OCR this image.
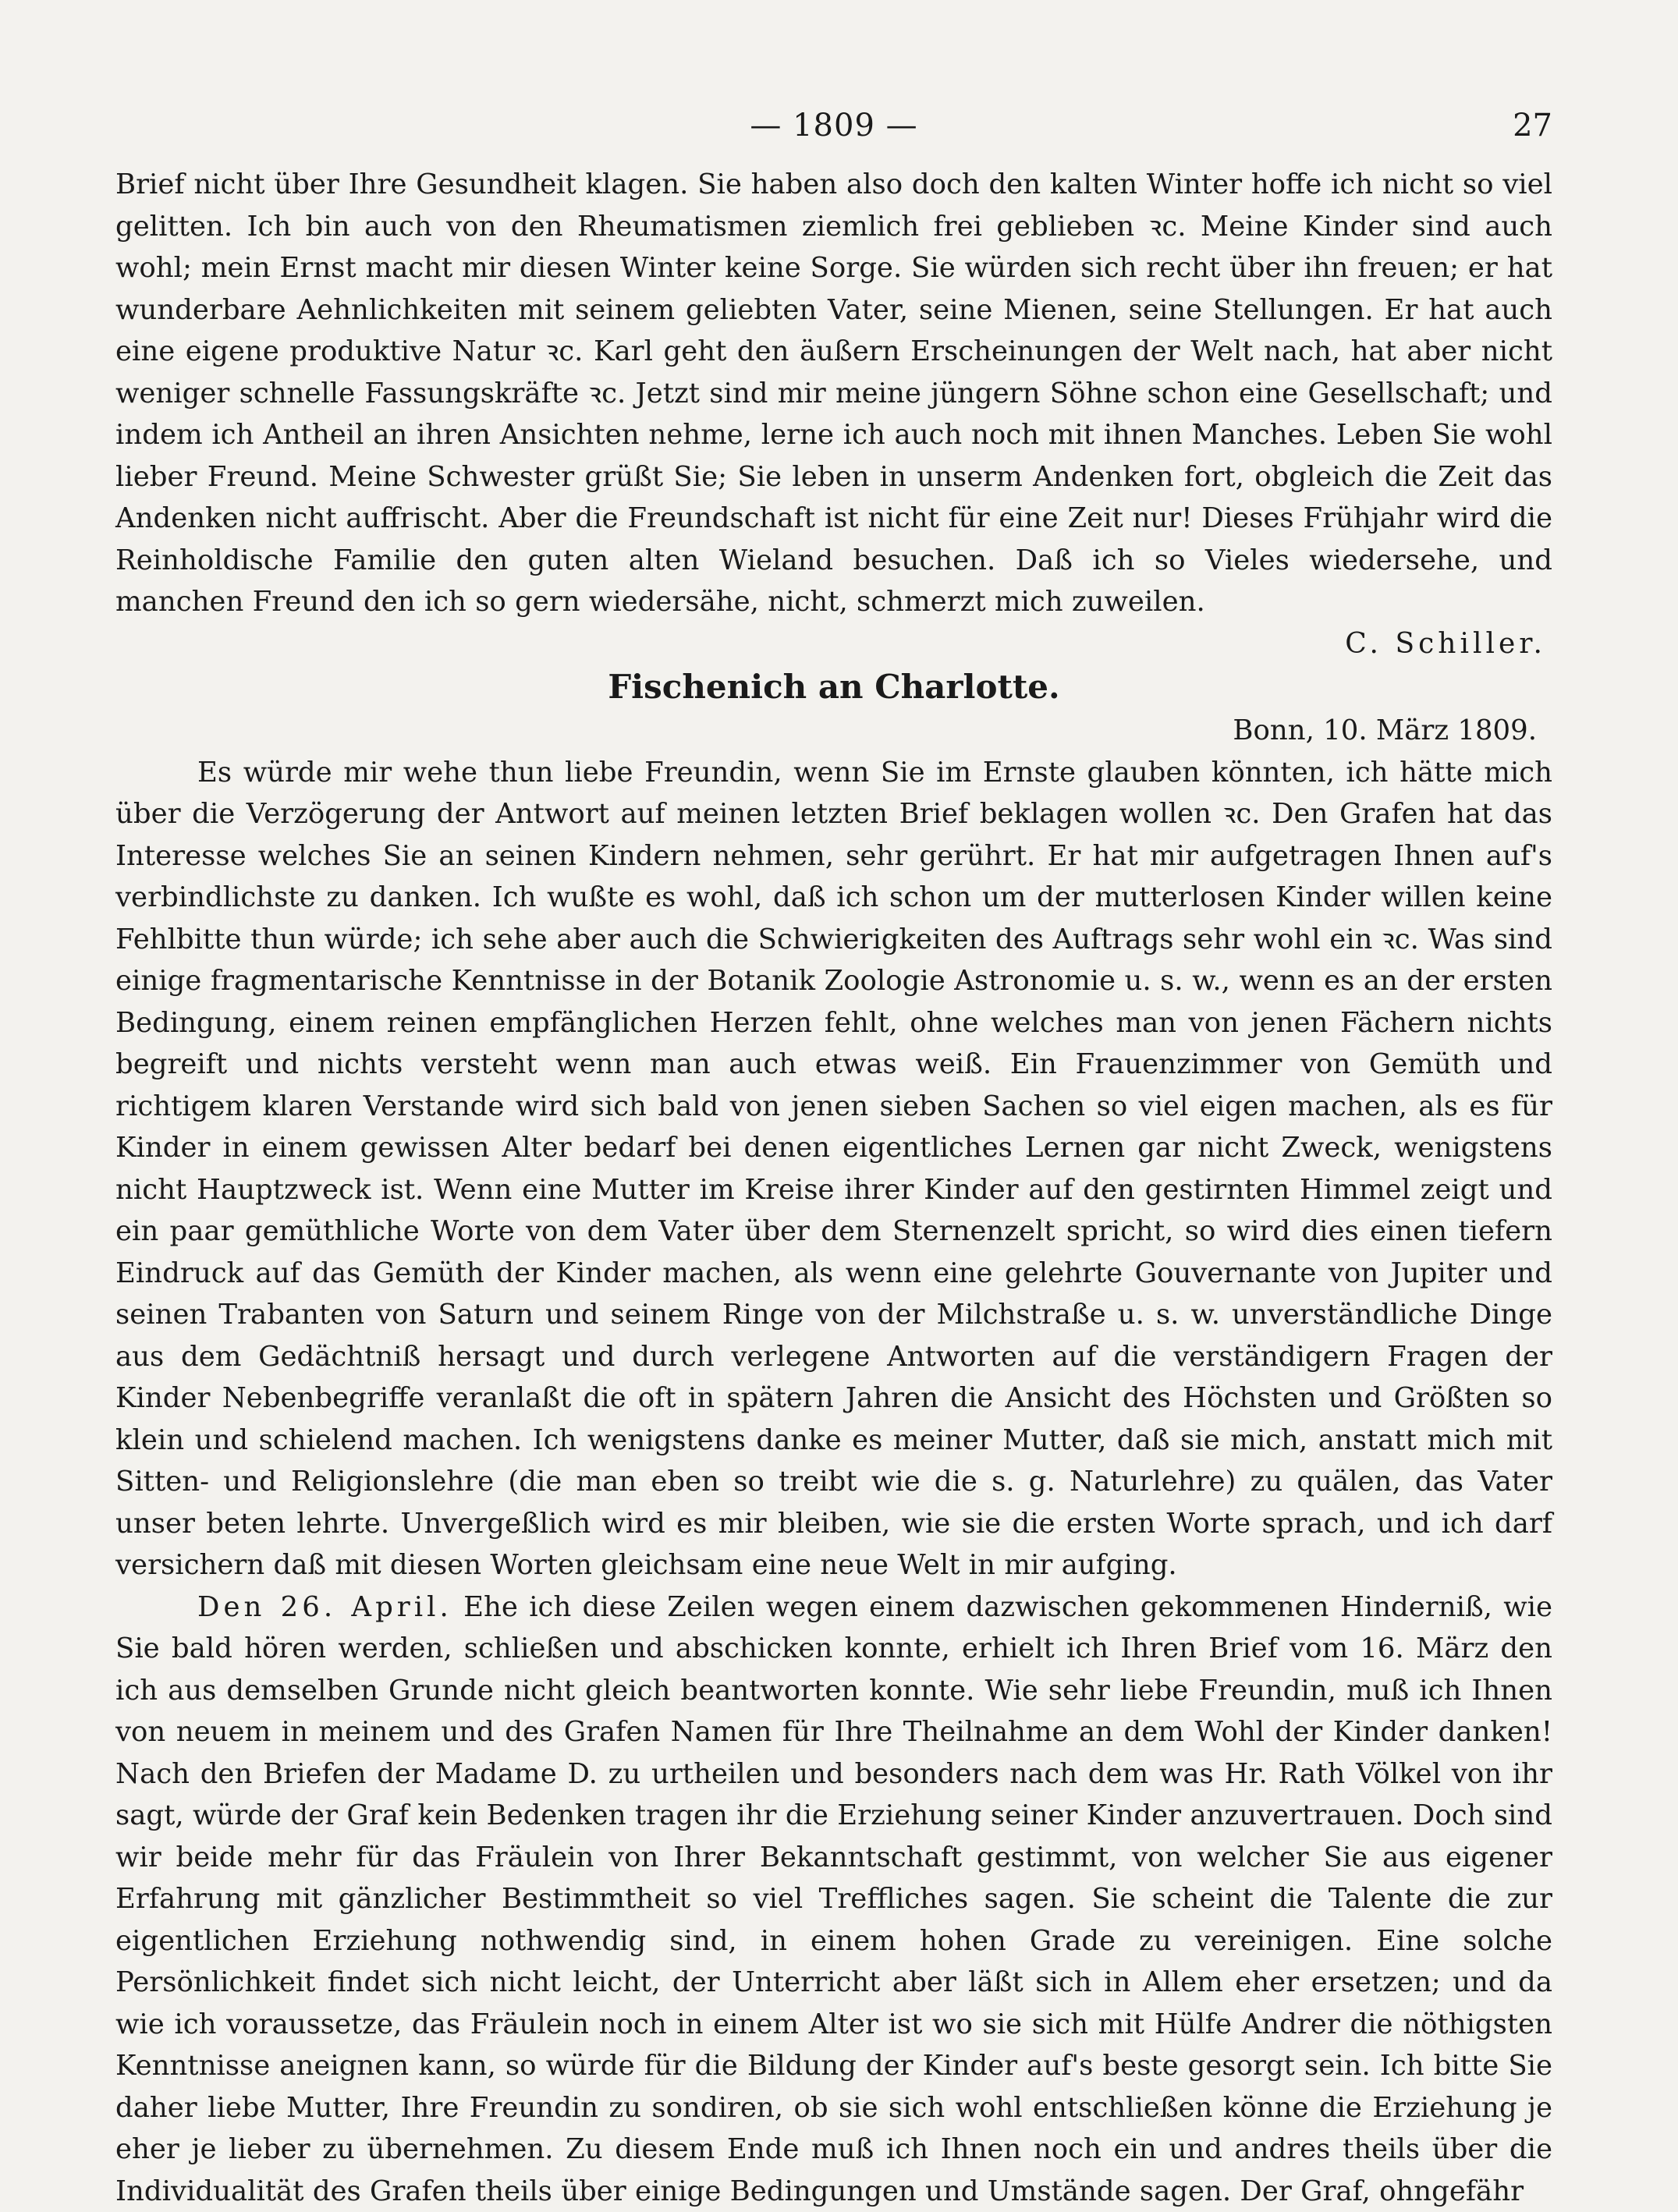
— 1809 —	27

Brief nicht über Ihre Gesundheit klagen. Sie haben also doch den kalten Winter hoffe ich nicht so viel gelitten. Ich bin auch von den Rheumatismen ziemlich frei geblieben ꝛc. Meine Kinder sind auch wohl; mein Ernst macht mir diesen Winter keine Sorge. Sie würden sich recht über ihn freuen; er hat wunderbare Aehnlichkeiten mit seinem geliebten Vater, seine Mienen, seine Stellungen. Er hat auch eine eigene produktive Natur ꝛc. Karl geht den äußern Erscheinungen der Welt nach, hat aber nicht weniger schnelle Fassungskräfte ꝛc. Jetzt sind mir meine jüngern Söhne schon eine Gesellschaft; und indem ich Antheil an ihren Ansichten nehme, lerne ich auch noch mit ihnen Manches. Leben Sie wohl lieber Freund. Meine Schwester grüßt Sie; Sie leben in unserm Andenken fort, obgleich die Zeit das Andenken nicht auffrischt. Aber die Freundschaft ist nicht für eine Zeit nur! Dieses Frühjahr wird die Reinholdische Familie den guten alten Wieland besuchen. Daß ich so Vieles wiedersehe, und manchen Freund den ich so gern wiedersähe, nicht, schmerzt mich zuweilen.

C. Schiller.
Fischenich an Charlotte.
Bonn, 10. März 1809.

Es würde mir wehe thun liebe Freundin, wenn Sie im Ernste glauben könnten, ich hätte mich über die Verzögerung der Antwort auf meinen letzten Brief beklagen wollen ꝛc. Den Grafen hat das Interesse welches Sie an seinen Kindern nehmen, sehr gerührt. Er hat mir aufgetragen Ihnen auf's verbindlichste zu danken. Ich wußte es wohl, daß ich schon um der mutterlosen Kinder willen keine Fehlbitte thun würde; ich sehe aber auch die Schwierigkeiten des Auftrags sehr wohl ein ꝛc. Was sind einige fragmentarische Kenntnisse in der Botanik Zoologie Astronomie u. s. w., wenn es an der ersten Bedingung, einem reinen empfänglichen Herzen fehlt, ohne welches man von jenen Fächern nichts begreift und nichts versteht wenn man auch etwas weiß. Ein Frauenzimmer von Gemüth und richtigem klaren Verstande wird sich bald von jenen sieben Sachen so viel eigen machen, als es für Kinder in einem gewissen Alter bedarf bei denen eigentliches Lernen gar nicht Zweck, wenigstens nicht Hauptzweck ist. Wenn eine Mutter im Kreise ihrer Kinder auf den gestirnten Himmel zeigt und ein paar gemüthliche Worte von dem Vater über dem Sternenzelt spricht, so wird dies einen tiefern Eindruck auf das Gemüth der Kinder machen, als wenn eine gelehrte Gouvernante von Jupiter und seinen Trabanten von Saturn und seinem Ringe von der Milchstraße u. s. w. unverständliche Dinge aus dem Gedächtniß hersagt und durch verlegene Antworten auf die verständigern Fragen der Kinder Nebenbegriffe veranlaßt die oft in spätern Jahren die Ansicht des Höchsten und Größten so klein und schielend machen. Ich wenigstens danke es meiner Mutter, daß sie mich, anstatt mich mit Sitten- und Religionslehre (die man eben so treibt wie die s. g. Naturlehre) zu quälen, das Vater unser beten lehrte. Unvergeßlich wird es mir bleiben, wie sie die ersten Worte sprach, und ich darf versichern daß mit diesen Worten gleichsam eine neue Welt in mir aufging.

Den 26. April. Ehe ich diese Zeilen wegen einem dazwischen gekommenen Hinderniß, wie Sie bald hören werden, schließen und abschicken konnte, erhielt ich Ihren Brief vom 16. März den ich aus demselben Grunde nicht gleich beantworten konnte. Wie sehr liebe Freundin, muß ich Ihnen von neuem in meinem und des Grafen Namen für Ihre Theilnahme an dem Wohl der Kinder danken! Nach den Briefen der Madame D. zu urtheilen und besonders nach dem was Hr. Rath Völkel von ihr sagt, würde der Graf kein Bedenken tragen ihr die Erziehung seiner Kinder anzuvertrauen. Doch sind wir beide mehr für das Fräulein von Ihrer Bekanntschaft gestimmt, von welcher Sie aus eigener Erfahrung mit gänzlicher Bestimmtheit so viel Treffliches sagen. Sie scheint die Talente die zur eigentlichen Erziehung nothwendig sind, in einem hohen Grade zu vereinigen. Eine solche Persönlichkeit findet sich nicht leicht, der Unterricht aber läßt sich in Allem eher ersetzen; und da wie ich voraussetze, das Fräulein noch in einem Alter ist wo sie sich mit Hülfe Andrer die nöthigsten Kenntnisse aneignen kann, so würde für die Bildung der Kinder auf's beste gesorgt sein. Ich bitte Sie daher liebe Mutter, Ihre Freundin zu sondiren, ob sie sich wohl entschließen könne die Erziehung je eher je lieber zu übernehmen. Zu diesem Ende muß ich Ihnen noch ein und andres theils über die Individualität des Grafen theils über einige Bedingungen und Umstände sagen. Der Graf, ohngefähr
